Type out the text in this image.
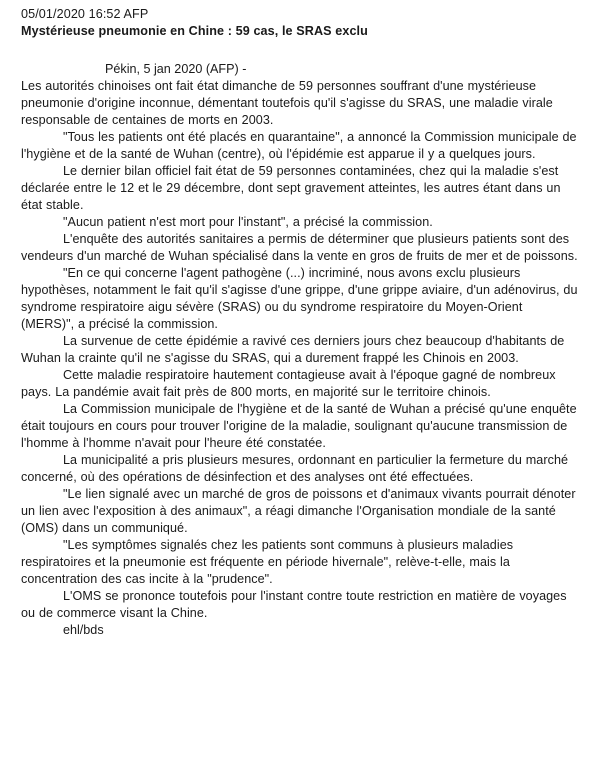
05/01/2020 16:52 AFP

Mystérieuse pneumonie en Chine : 59 cas, le SRAS exclu

Pékin, 5 jan 2020 (AFP) -

Les autorités chinoises ont fait état dimanche de 59 personnes souffrant d'une mystérieuse pneumonie d'origine inconnue, démentant toutefois qu'il s'agisse du SRAS, une maladie virale responsable de centaines de morts en 2003.

"Tous les patients ont été placés en quarantaine", a annoncé la Commission municipale de l'hygiène et de la santé de Wuhan (centre), où l'épidémie est apparue il y a quelques jours.

Le dernier bilan officiel fait état de 59 personnes contaminées, chez qui la maladie s'est déclarée entre le 12 et le 29 décembre, dont sept gravement atteintes, les autres étant dans un état stable.

"Aucun patient n'est mort pour l'instant", a précisé la commission.

L'enquête des autorités sanitaires a permis de déterminer que plusieurs patients sont des vendeurs d'un marché de Wuhan spécialisé dans la vente en gros de fruits de mer et de poissons.

"En ce qui concerne l'agent pathogène (...) incriminé, nous avons exclu plusieurs hypothèses, notamment le fait qu'il s'agisse d'une grippe, d'une grippe aviaire, d'un adénovirus, du syndrome respiratoire aigu sévère (SRAS) ou du syndrome respiratoire du Moyen-Orient (MERS)", a précisé la commission.

La survenue de cette épidémie a ravivé ces derniers jours chez beaucoup d'habitants de Wuhan la crainte qu'il ne s'agisse du SRAS, qui a durement frappé les Chinois en 2003.

Cette maladie respiratoire hautement contagieuse avait à l'époque gagné de nombreux pays. La pandémie avait fait près de 800 morts, en majorité sur le territoire chinois.

La Commission municipale de l'hygiène et de la santé de Wuhan a précisé qu'une enquête était toujours en cours pour trouver l'origine de la maladie, soulignant qu'aucune transmission de l'homme à l'homme n'avait pour l'heure été constatée.

La municipalité a pris plusieurs mesures, ordonnant en particulier la fermeture du marché concerné, où des opérations de désinfection et des analyses ont été effectuées.

"Le lien signalé avec un marché de gros de poissons et d'animaux vivants pourrait dénoter un lien avec l'exposition à des animaux", a réagi dimanche l'Organisation mondiale de la santé (OMS) dans un communiqué.

"Les symptômes signalés chez les patients sont communs à plusieurs maladies respiratoires et la pneumonie est fréquente en période hivernale", relève-t-elle, mais la concentration des cas incite à la "prudence".

L'OMS se prononce toutefois pour l'instant contre toute restriction en matière de voyages ou de commerce visant la Chine.

ehl/bds
